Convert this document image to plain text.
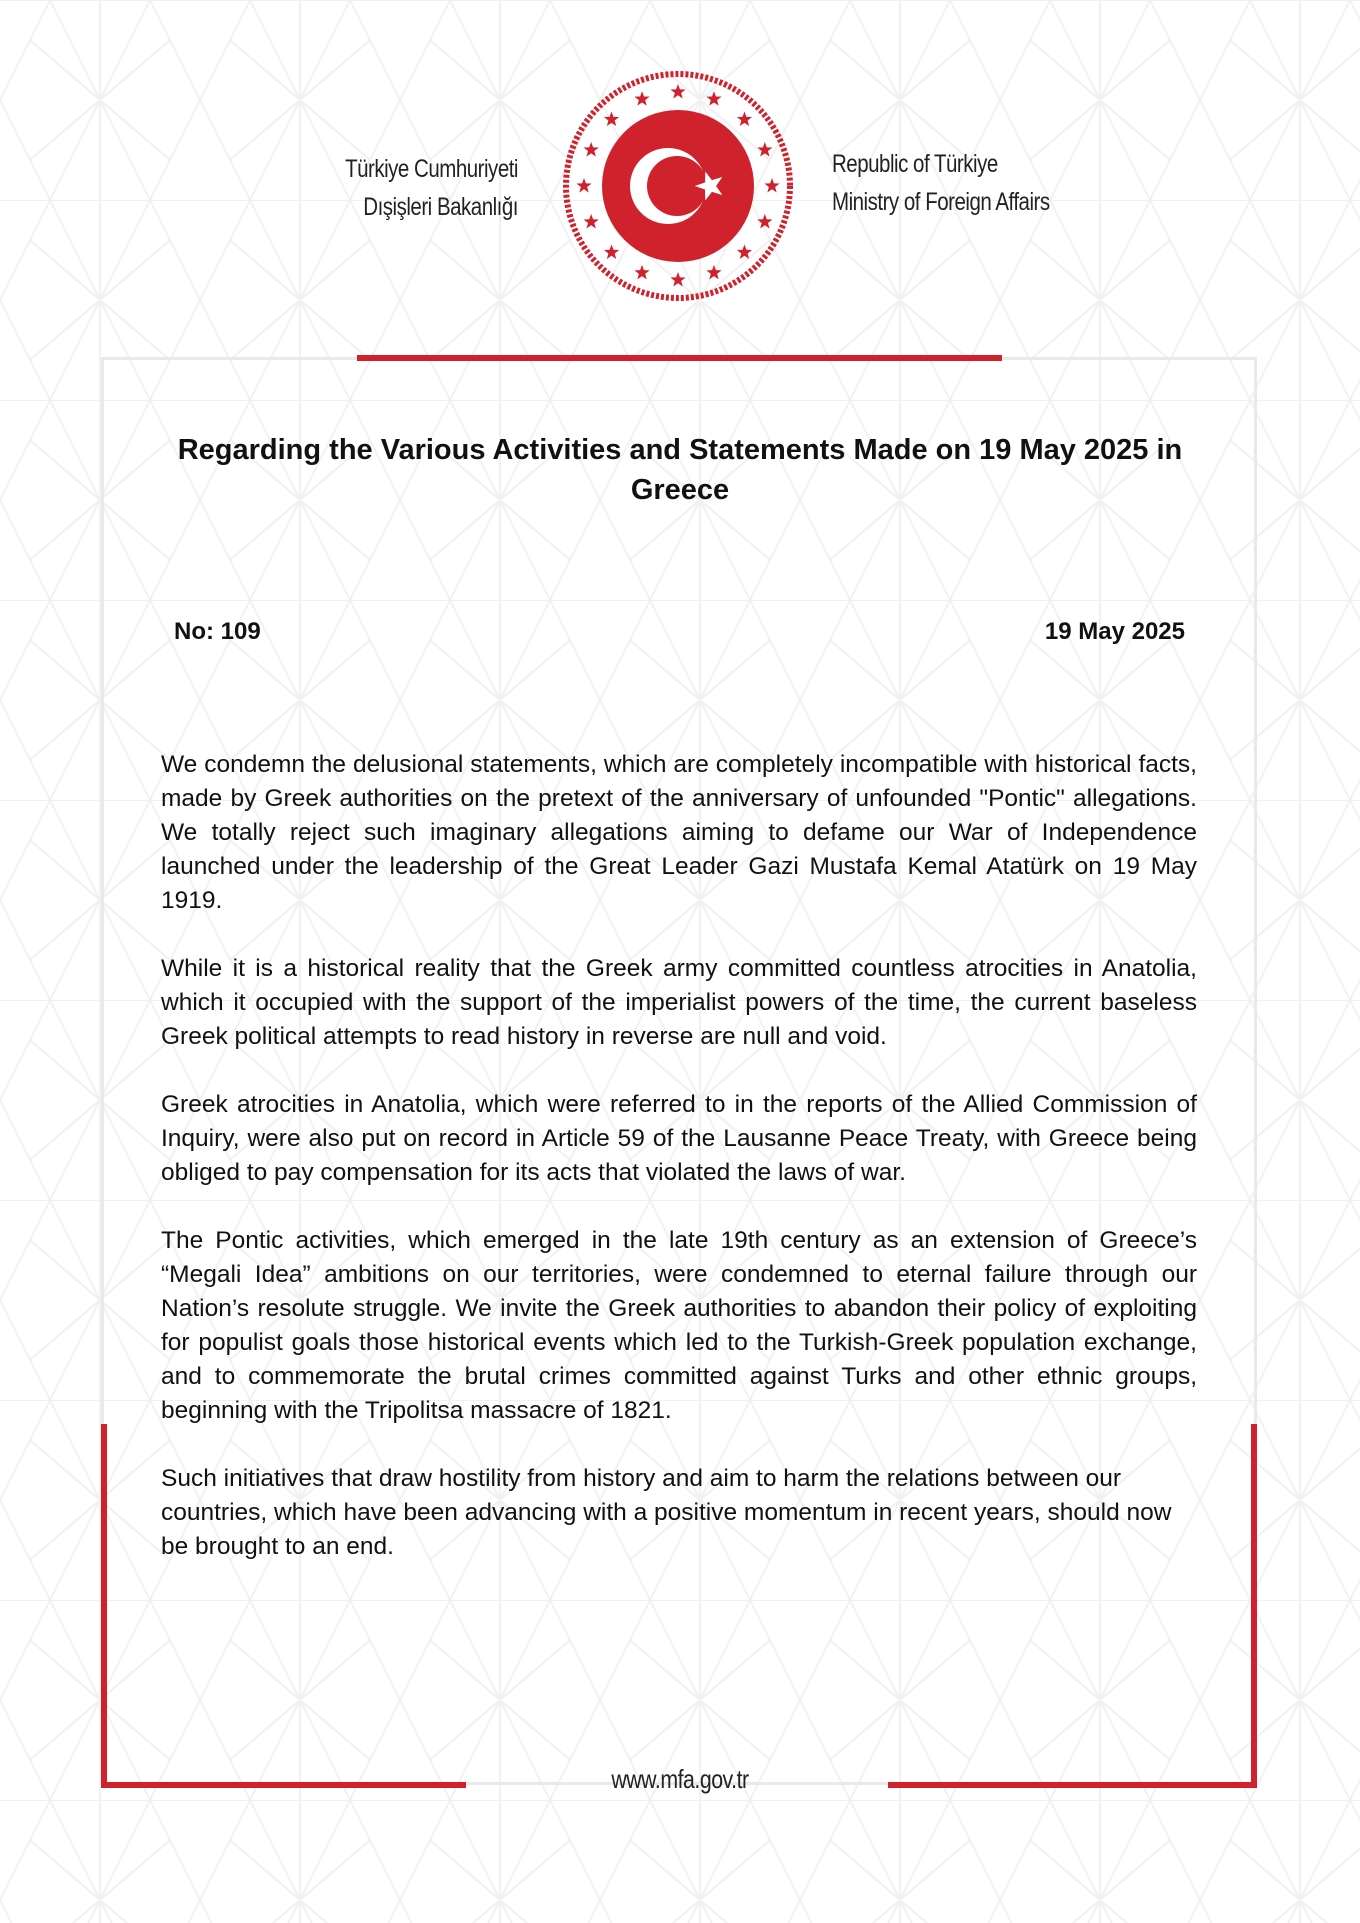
Türkiye Cumhuriyeti
Dışişleri Bakanlığı
Republic of Türkiye
Ministry of Foreign Affairs
Regarding the Various Activities and Statements Made on 19 May 2025 in Greece
No: 109	19 May 2025

We condemn the delusional statements, which are completely incompatible with historical facts, made by Greek authorities on the pretext of the anniversary of unfounded "Pontic" allegations. We totally reject such imaginary allegations aiming to defame our War of Independence launched under the leadership of the Great Leader Gazi Mustafa Kemal Atatürk on 19 May 1919.

While it is a historical reality that the Greek army committed countless atrocities in Anatolia, which it occupied with the support of the imperialist powers of the time, the current baseless Greek political attempts to read history in reverse are null and void.

Greek atrocities in Anatolia, which were referred to in the reports of the Allied Commission of Inquiry, were also put on record in Article 59 of the Lausanne Peace Treaty, with Greece being obliged to pay compensation for its acts that violated the laws of war.

The Pontic activities, which emerged in the late 19th century as an extension of Greece’s “Megali Idea” ambitions on our territories, were condemned to eternal failure through our Nation’s resolute struggle. We invite the Greek authorities to abandon their policy of exploiting for populist goals those historical events which led to the Turkish-Greek population exchange, and to commemorate the brutal crimes committed against Turks and other ethnic groups, beginning with the Tripolitsa massacre of 1821.

Such initiatives that draw hostility from history and aim to harm the relations between our countries, which have been advancing with a positive momentum in recent years, should now be brought to an end.

www.mfa.gov.tr
